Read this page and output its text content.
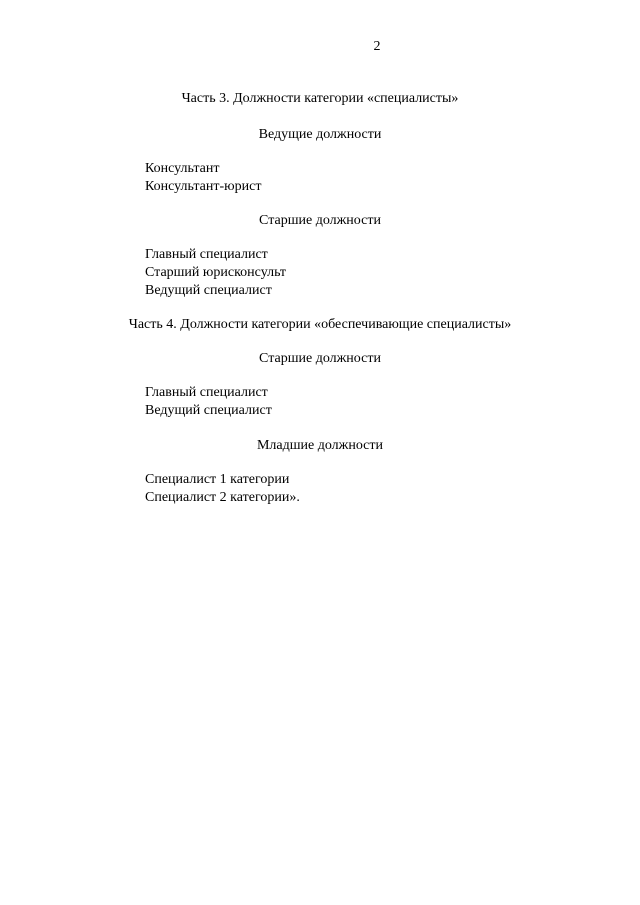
2
Часть 3. Должности категории «специалисты»
Ведущие должности
Консультант
Консультант-юрист
Старшие должности
Главный специалист
Старший юрисконсульт
Ведущий специалист
Часть 4. Должности категории «обеспечивающие специалисты»
Старшие должности
Главный специалист
Ведущий специалист
Младшие должности
Специалист 1 категории
Специалист 2 категории».
